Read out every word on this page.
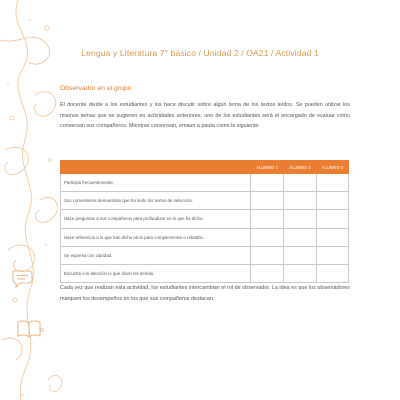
Lengua y Literatura 7° básico / Unidad 2 / OA21 / Actividad 1
Observador en el grupo

El docente divide a los estudiantes y los hace discutir sobre algún tema de los textos leídos. Se pueden utilizar los mismos temas que se sugieren en actividades anteriores. uno de los estudiantes será el encargado de evaluar cómo conversan sus compañeros. Mientras conversan, emaun a pauta como la siguiente:

	ALUMNO 1	ALUMNO 2	ALUMNO 3
Participa frecuentemente.			
Sus comentarios demuestran que ha leído los textos de selección.			
Hace preguntas a sus compañeros para profundizar en lo que ha dicho.			
Hace referencia a lo que han dicho otros para complementar o rebatirlo.			
Se expresa con claridad.			
Escucha con atención lo que dicen los demás.			

Cada vez que realizan esta actividad, los estudiantes intercambian el rol de observador. La idea es que los observadores marquen los desempeños en los que sus compañeros destacan.
